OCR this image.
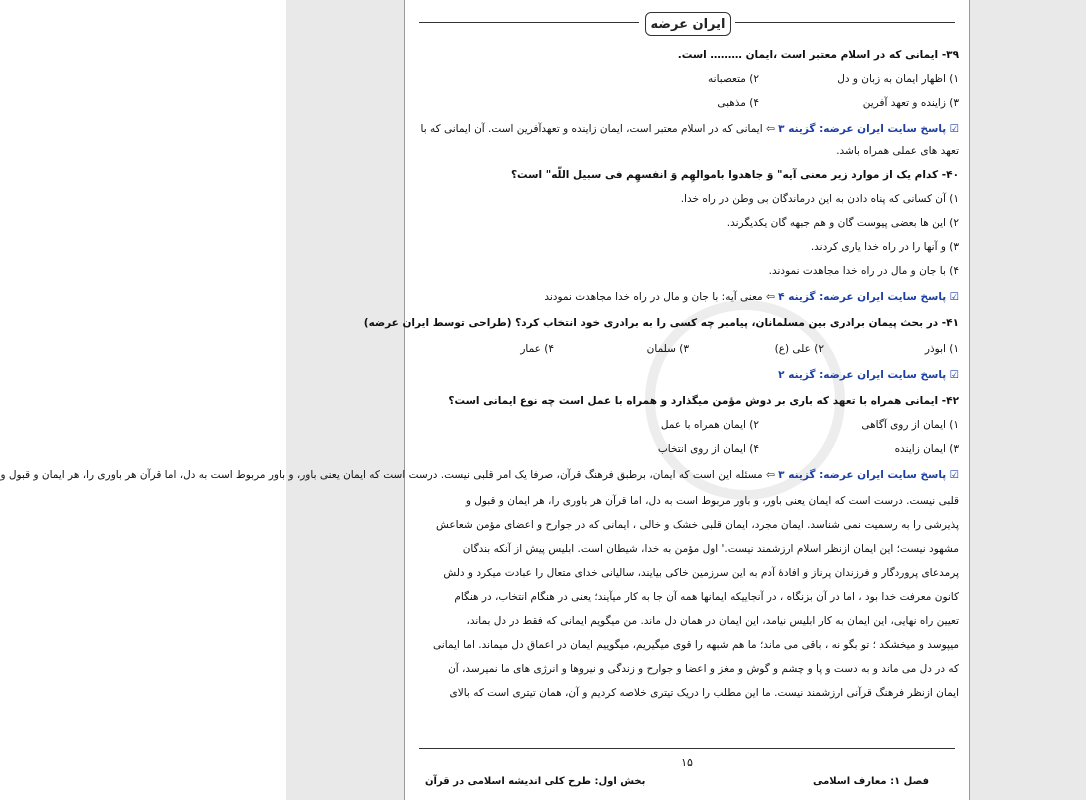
ایران عرضه
۳۹- ایمانی که در اسلام معتبر است ،ایمان ……… است.
۱) اظهار ایمان به زبان و دل
۲) متعصبانه
۳) زاینده و تعهد آفرین
۴) مذهبی
☑ پاسخ سایت ایران عرضه: گزینه ۳ ⇦ ایمانی که در اسلام معتبر است، ایمان زاینده و تعهدآفرین است. آن ایمانی که با
تعهد های عملی همراه باشد.
۴۰- کدام یک از موارد زیر معنی آیه" وَ جاهدوا باموالهِم وَ انفسهِم فی سبیل اللّه" است؟
۱) آن کسانی که پناه دادن به این درماندگان بی وطن در راه خدا.
۲) این ها بعضی پیوست گان و هم جبهه گان یکدیگرند.
۳) و آنها را در راه خدا یاری کردند.
۴) با جان و مال در راه خدا مجاهدت نمودند.
☑ پاسخ سایت ایران عرضه: گزینه ۴ ⇦ معنی آیه: با جان و مال در راه خدا مجاهدت نمودند
۴۱- در بحث پیمان برادری بین مسلمانان، پیامبر چه کسی را به برادری خود انتخاب کرد؟ (طراحی توسط ایران عرضه)
۱) ابوذر
۲) علی (ع)
۳) سلمان
۴) عمار
☑ پاسخ سایت ایران عرضه: گزینه ۲
۴۲- ایمانی همراه با تعهد که باری بر دوش مؤمن میگذارد و همراه با عمل است چه نوع ایمانی است؟
۱) ایمان از روی آگاهی
۲) ایمان همراه با عمل
۳) ایمان زاینده
۴) ایمان از روی انتخاب
☑ پاسخ سایت ایران عرضه: گزینه ۳ ⇦ مسئله این است که ایمان، برطبق فرهنگ قرآن، صرفا یک امر قلبی نیست. درست است که ایمان یعنی باور، و باور مربوط است به دل، اما قرآن هر باوری را، هر ایمان و قبول و
قلبی نیست. درست است که ایمان یعنی باور، و باور مربوط است به دل، اما قرآن هر باوری را، هر ایمان و قبول و
پذیرشی را به رسمیت نمی شناسد. ایمان مجرد، ایمان قلبی خشک و خالی ، ایمانی که در جوارح و اعضای مؤمن شعاعش
مشهود نیست؛ این ایمان ازنظر اسلام ارزشمند نیست.' اول مؤمن به خدا، شیطان است. ابلیس پیش از آنکه بندگان
پرمدعای پروردگار و فرزندان پرناز و افادهٔ آدم به این سرزمین خاکی بیایند، سالیانی خدای متعال را عبادت میکرد و دلش
کانون معرفت خدا بود ، اما در آن بزنگاه ، در آنجاییکه ایمانها همه آن جا به کار میآیند؛ یعنی در هنگام انتخاب، در هنگام
تعیین راه نهایی، این ایمان به کار ابلیس نیامد، این ایمان در همان دل ماند. من میگویم ایمانی که فقط در دل بماند،
میپوسد و میخشکد ؛ تو بگو نه ، باقی می ماند؛ ما هم شبهه را قوی میگیریم، میگوییم ایمان در اعماق دل میماند. اما ایمانی
که در دل می ماند و به دست و پا و چشم و گوش و مغز و اعضا و جوارح و زندگی و نیروها و انرژی های ما نمیرسد، آن
ایمان ازنظر فرهنگ قرآنی ارزشمند نیست. ما این مطلب را دریک تیتری خلاصه کردیم و آن، همان تیتری است که بالای
۱۵
فصل ۱: معارف اسلامی
بخش اول: طرح کلی اندیشه اسلامی در قرآن
